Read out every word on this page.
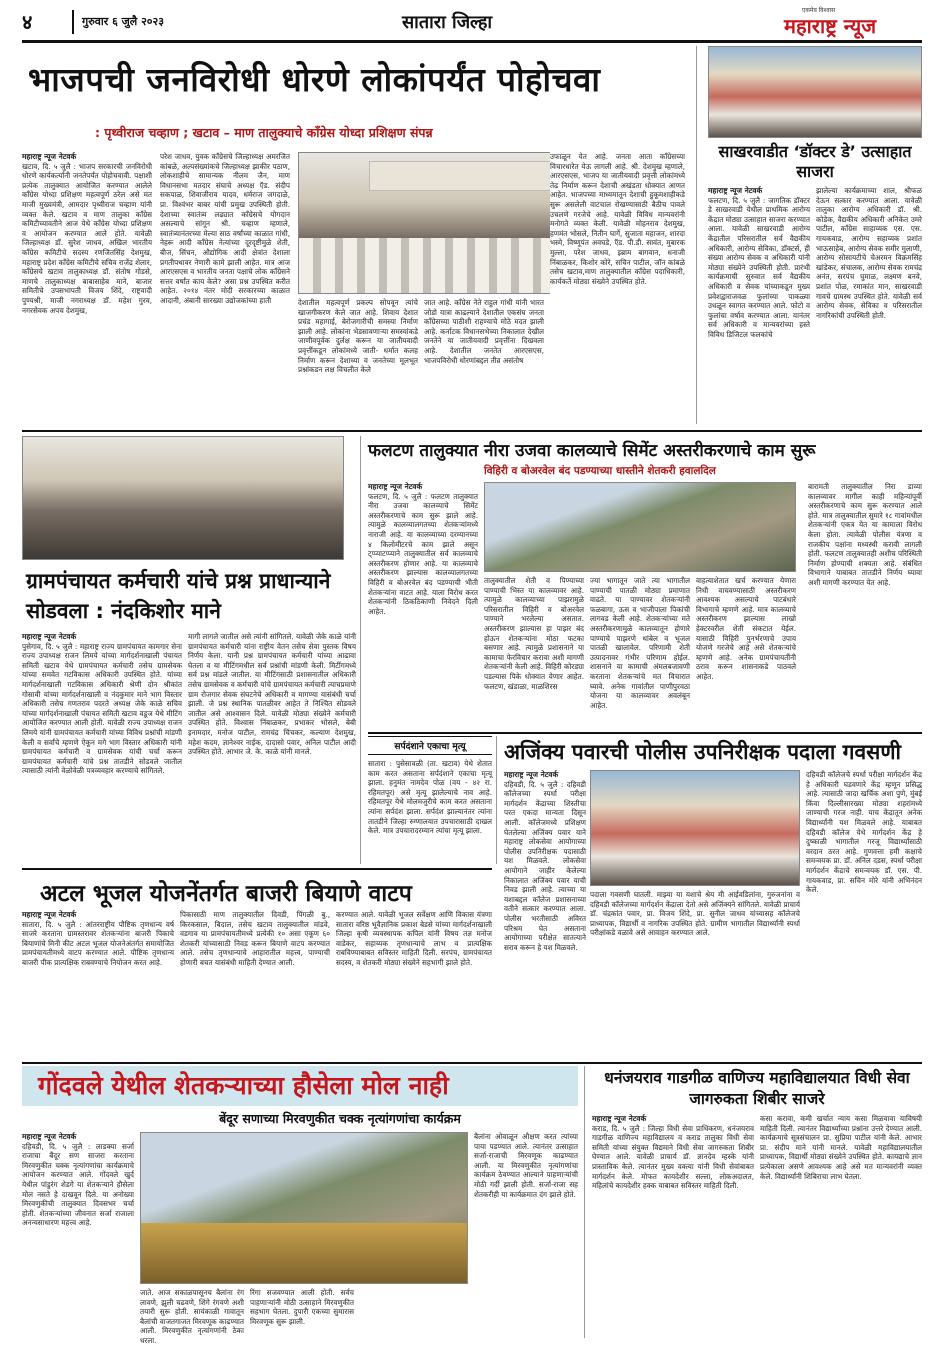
४	गुरुवार ६ जुलै २०२३	सातारा जिल्हा
एकमेव विश्वास
महाराष्ट्र न्यूज
भाजपची जनविरोधी धोरणे लोकांपर्यंत पोहोचवा
: पृथ्वीराज चव्हाण ; खटाव – माण तालुक्याचे कॉंग्रेस योध्दा प्रशिक्षण संपन्न
महाराष्ट्र न्यूज नेटवर्क
खटाव, दि. ५ जुलै : भाजप सरकारची जनविरोधी धोरणे कार्यकर्त्यांनी जनतेपर्यंत पोहोचवावी. पक्षाशी प्रत्येक तालुक्यात आयोजित करण्यात आलेले कॉंग्रेस योध्दा प्रशिक्षण महत्वपूर्ण ठरेल असे मत माजी मुख्यमंत्री, आमदार पृथ्वीराज चव्हाण यांनी व्यक्त केले. खटाव व माण तालुका कॉंग्रेस कमिटीच्यावतीने आज येथे कॉंग्रेस योध्दा प्रशिक्षण व आयोजन करण्यात आले होते. यावेळी जिल्हाध्यक्ष डॉ. सुरेश जाधव, अखिल भारतीय कॉंग्रेस कमिटीचे सदस्य रणजितसिंह देशमुख, महाराष्ट्र प्रदेश कॉंग्रेस कमिटीचे सचिव राजेंद्र शेलार, कॉंग्रेसचे खटाव तालुकाध्यक्ष डॉ. संतोष गोडसे, माणचे तालुकाध्यक्ष बाबासाहेब माने, बाजार समितीचे उपसभापती विजय शिंदे, राष्ट्रवादी पुण्यश्री, माजी नगराध्यक्ष डॉ. महेश गुरव, नगरसेवक अपच देशमुख,
परेश जाधव, युवक कॉंग्रेसचे जिल्हाध्यक्ष अमरजित कांबळे, अल्पसंख्यांकचे जिल्हाध्यक्ष झाकीर पठाण, लोकशाहीचे सामान्यक नीलम जैन, माण विधानसभा मतदार संघाचे अध्यक्ष ऍड. संदीप सकपाळ, शिवाजीराव यादव, धर्मराज जगदाळे, प्रा. विश्वंभर बाबर यांची प्रमुख उपस्थिती होती. देशाच्या स्वातंत्र्य लढ्यात कॉंग्रेसचे योगदान असल्याचे सांगून श्री. चव्हाण म्हणाले, स्वातंत्र्यानंतरच्या मेल्या साठ वर्षांच्या काळात गांधी, नेहरू आदी कॉंग्रेस नेत्यांच्या दूरदृष्टीमुळे शेती, बीज, सिंचन, औद्योगिक आदी क्षेत्रांत देशाला प्रगतीपथावर नेणारी कामे झाली आहेत. मात्र आज आरएसएस व भारतीय जनता पक्षाचे लोक कॉंग्रेसने सत्तर वर्षांत काय केले? असा प्रश्न उपस्थित करीत आहेत. २०१४ नंतर मोदी सरकारच्या काळात आदानी, अंबानी सारख्या उद्योजकांच्या हाती	देशातील महत्वपूर्ण प्रकल्प सोपवून त्यांचे खाजगीकरण केले जात आहे. शिवाय देशात प्रचंड महागाई, बेरोजगारीची समस्या निर्माण झाली आहे. लोकांना भेडसावणाऱ्या समस्यांकडे जाणीवपूर्वक दुर्लक्ष करून या जातीयवादी प्रवृत्तींकडून लोकांमध्ये जाती- धर्मात कलह निर्माण करून देशाच्या व जनतेच्या मूलभूत प्रश्नांकडन लक्ष विचलीत केले
जात आहे. कॉंग्रेस नेते राहुल गांधी यांनी भारत जोडो यात्रा काढल्याने देशातील एकसंघ जनता कॉंग्रेसच्या पाठीशी राहण्याचे मोठे मदत झाली आहे. कर्नाटक विधानसभेच्या निकालात देखील जनतेने या जातीयवादी प्रवृत्तींना दिखवला आहे. देशातील जनतेत आरएसएस, भाजपविरोधी धोरणांबद्दल तीव्र असंतोष
उफाळून येत आहे. जनता आता कॉंग्रेसच्या विचारधारेत येऊ लागली आहे. श्री. देशमुख म्हणाले, आरएसएस, भाजप या जातीयवादी प्रवृत्ती लोकांमध्ये तेढ निर्माण करून देशाची अखंडता धोक्यात आणत आहेत. भाजपच्या माध्यमातून देशाची हुकूमशाहीकडे सुरू असलेली वाटचाल रोखण्यासाठी बैठीच पावले उचलणे गरजेचे आहे. यावेळी विविध मान्यवरांनी मनोगते व्यक्त केली. यावेळी मोहनराव देशमुख, हणमंत भोसले, नितीन घार्गे, सुजाता महाजन, शारदा भस्मे, विष्णूपंत अवघडे, ऍड. पी.डी. सावंत, मुबारक मुल्ला, परेश जाधव, इब्राम बागवान, धनाजी निंबाळकर, किशोर कोरे, सचिन पाटील, जॉन कांबळे तसेच खटाव,माण तालुक्यातील कॉंग्रेस पदाधिकारी, कार्यकर्ते मोठ्या संख्येने उपस्थित होते.
साखरवाडीत ‘डॉक्टर डे’ उत्साहात साजरा
महाराष्ट्र न्यूज नेटवर्क
फलटण, दि. ५ जुलै : जागतिक डॉक्टर डे साखरवाडी येथील प्राथमिक आरोग्य केंद्रात मोठ्या उत्साहात साजरा करण्यात आला. यावेळी साखरवाडी आरोग्य केंद्रातील परिसरातील सर्व वैद्यकीय अधिकारी, आरोग्य सेविका, डॉक्टर्स, ही संख्या आरोग्य सेवक व अधिकारी यांनी मोठ्या संख्येने उपस्थिती होती. प्रारंभी कार्यक्रमाची सुरुवात सर्व वैद्यकीय अधिकारी व सेवक यांच्याकडून मुख्य प्रवेशद्वाराजवळ फुलांच्या पाकळ्या उधळून स्वागत करण्यात आले. फोटो व फुलांचा वर्षाव करण्यात आला. यानंतर सर्व अधिकारी व मान्यवरांच्या हस्ते विविध डिजिटल फलकांचे
झालेल्या कार्यक्रमाच्या शाल, श्रीफळ देऊन सत्कार करण्यात आला. यावेळी तालुका आरोग्य अधिकारी डॉ. श्री. कोडेक, वैद्यकीय अधिकारी अनिकेत उमरे पाटील, कॉंग्रेस साहाय्यक एस. एस. गायकवाड, आरोग्य सहाय्यक प्रशांत भाऊसाहेब, आरोग्य सेवक समीर मुलाणी, आरोग्य सोसायटीचे चेअरमन विक्रमसिंह खांडेकर, संचालक, आरोग्य सेवक रामचंद्र अनंत, सरपंच घुमाळ, लक्ष्मण बनवे, प्रशांत पोळ, रमाकांत मान, साखरवाडी गावचे ग्रामस्थ उपस्थित होते. यावेळी सर्व आरोग्य सेवक, सेविका व परिसरातील नागरिकांची उपस्थिती होती.
ग्रामपंचायत कर्मचारी यांचे प्रश्न प्राधान्याने सोडवला : नंदकिशोर माने
महाराष्ट्र न्यूज नेटवर्क
पुसेगाव, दि. ५ जुलै : महाराष्ट्र राज्य ग्रामपंचायत कामगार सेना राज्य उपाध्यक्ष राजन लिमये यांच्या मार्गदर्शनाखाली पंचायत समिती खटाव येथे ग्रामपंचायत कर्मचारी तसेच ग्रामसेवक यांच्या समवेत गटविकास अधिकारी उपस्थित होते. यांच्या मार्गदर्शनाखाली गटविकास अधिकारी श्रेणी दोन श्रीकांत गोसावी यांच्या मार्गदर्शनाखाली व नंदकुमार माने भाग विस्तार अधिकारी तसेच गणतराव पदरते अध्यक्ष जेके काळे सचिव यांच्या मार्गदर्शनाखाली पंचायत समिती खटाव वडूज येथे मीटिंग आयोजित करण्यात आली होती. यावेळी राज्य उपाध्यक्ष राजन लिमये यांनी ग्रामपंचायत कर्मचारी यांच्या विविध प्रश्नांची मांडणी केली व सर्वांचे म्हणणे ऐकून मगे भाग विस्तार अधिकारी यांनी ग्रामपंचायत कर्मचारी व ग्रामसेवक यांची चर्चा करून ग्रामपंचायत कर्मचारी यांचे प्रश्न तातडीने सोडवले जातील त्यासाठी त्यांनी वेळोवेळी पत्रव्यवहार करण्याचे सांगितले.
मागी लागले जातील असे त्यांनी सांगितले. यावेळी जेके काळे यांनी ग्रामपंचायत कर्मचारी यांना राष्ट्रीय वेतन तसेच सेवा पुस्तक विषय निर्णय केला. यानी प्रश्न ग्रामपंचायत कर्मचारी यांच्या आढावा घेतला व या मीटिंगमधील सर्व प्रश्नांची मांडणी केली. मिटींगमध्ये सर्व प्रश्न मांडले जातील. या मीटिंगसाठी प्रशासनातील अधिकारी तसेच ग्रामसेवक व कर्मचारी यांचे ग्रामपंचायत कर्मचारी त्याचप्रमाणे ग्राम रोजगार सेवक संघटनेचे अधिकारी व मागण्या यासंबंधी चर्चा झाली. जे प्रश्न स्थानिक पातळीवर आहेत ते निश्चित सोडवले जातील असे आश्वासन दिले. यावेळी मोठ्या संख्येने कर्मचारी उपस्थित होते. विश्वास निंबाळकर, प्रभाकर भोसले, बेबी इनामदार, मनोज पाटील, रामचंद्र चिंचकर, कल्याण देशमुख, महेश कदम, ज्ञानेश्वर नाईक, दादासो पवार, अनिल पाटील आदी उपस्थित होते. आभार जे. के. काळे यांनी मानले.
फलटण तालुक्यात नीरा उजवा कालव्याचे सिमेंट अस्तरीकरणाचे काम सुरू
विहिरी व बोअरवेल बंद पडण्याच्या धास्तीने शेतकरी हवालदिल
महाराष्ट्र न्यूज नेटवर्क
फलटण, दि. ५ जुलै : फलटण तालुक्यात नीरा उजवा कालव्याचे सिमेंट अस्तरीकरणाचे काम सुरू झाले आहे. त्यामुळे कालव्यालगतच्या शेतकऱ्यांमध्ये नाराजी आहे. या कालव्याच्या दरम्यानच्या ४ किलोमीटरचे काम झाले असून ट्प्प्याटप्प्याने तालुक्यातील सर्व कालव्याचे अस्तरीकरण होणार आहे. या कालव्याचे अस्तरीकरण झाल्यास कालव्यालगतच्या विहिरी व बोअरवेल बंद पडण्याची भीती शेतकऱ्यांना वाटत आहे. याला विरोध करत शेतकऱ्यांनी ठिकठिकाणी निवेदने दिली आहेत.
तालुक्यातील शेती व पिण्याच्या पाण्याची भिस्त या कालव्यावर आहे. त्यामुळे कालव्याच्या पाझरामुळे परिसरातील विहिरी व बोअरवेल पाण्याने भरलेल्या असतात. अस्तरीकरण झाल्यास हा पाझर बंद होऊन शेतकऱ्यांना मोठा फटका बसणार आहे. त्यामुळे प्रशासनाने या कामाचा फेरविचार करावा अशी मागणी शेतकऱ्यांनी केली आहे. विहिरी कोरड्या पडल्यास पिके धोक्यात येणार आहेत. फलटण, खंडाळा, माळशिरस
ज्या भागातून जाते त्या भागातील पाण्याची पातळी मोठ्या प्रमाणात वाढते. या पाण्यावर शेतकऱ्यांनी फळबागा, ऊस व भाजीपाला पिकांची लागवड केली आहे. शेतकऱ्यांच्या मते अस्तरीकरणामुळे कालव्यातून होणारे पाण्याचे पाझरणे थांबेल व भूजल पातळी खालावेल. परिणामी शेती उत्पादनावर गंभीर परिणाम होईल. शासनाने या कामाची अंमलबजावणी करताना शेतकऱ्यांचे मत विचारात घ्यावे. अनेक गावांतील पाणीपुरवठा योजना या कालव्यावर अवलंबून आहेत.
वाहत्याशेतात खर्च करण्यात येणारा निधी वाचवण्यासाठी अस्तरीकरण आवश्यक असल्याचे पाटबंधारे विभागाचे म्हणणे आहे. मात्र कालव्याचे अस्तरीकरण झाल्यास लाखो हेक्टरवरील शेती संकटात येईल. यासाठी विहिरी पुनर्भरणाचे उपाय योजणे गरजेचे आहे असे शेतकऱ्यांचे म्हणणे आहे. अनेक ग्रामपंचायतींनी ठराव करून शासनाकडे पाठवले आहेत.
बारामती तालुक्यातील निरा डाव्या कालव्यावर मागील काही महिन्यांपूर्वी अस्तरीकरणाचे काम सुरू करण्यात आले होते. मात्र तालुक्यातील सुमारे १८ गावांमधील शेतकऱ्यांनी एकत्र येत या कामाला विरोध केला होता. त्यावेळी पोलीस यंत्रणा व राजकीय पक्षांना मध्यस्थी करावी लागली होती. फलटण तालुक्यातही अशीच परिस्थिती निर्माण होण्याची शक्यता आहे. संबंधित विभागाने याबाबत तातडीने निर्णय घ्यावा अशी मागणी करण्यात येत आहे.
सर्पदंशाने एकाचा मृत्यू
सातारा : पुसेसावळी (ता. खटाव) येथे शेतात काम करत असताना सर्पदंशाने एकाचा मृत्यू झाला. हनुमंत नामदेव पोळ (वय - ४२ रा. रहिमतपूर) असे मृत्यू झालेल्याचे नाव आहे. रहिमतपूर येथे मोलमजुरीचे काम करत असताना त्यांना सर्पदंश झाला. सर्पदंश झाल्यानंतर त्यांना तातडीने जिल्हा रुग्णालयात उपचारासाठी दाखल केले. मात्र उपचारादरम्यान त्यांचा मृत्यू झाला.
अजिंक्य पवारची पोलीस उपनिरीक्षक पदाला गवसणी
महाराष्ट्र न्यूज नेटवर्क
दहिवडी, दि. ५ जुलै : दहिवडी कॉलेजच्या स्पर्धा परीक्षा मार्गदर्शन केंद्राच्या शिस्तीचा परत एकदा मान्यता दिसून आली. कॉलेजमध्ये प्रशिक्षण घेतलेल्या अजिंक्य पवार याने महाराष्ट्र लोकसेवा आयोगाच्या पोलीस उपनिरीक्षक पदासाठी यश मिळवले. लोकसेवा आयोगाने जाहीर केलेल्या निकालात अजिंक्य पवार याची निवड झाली आहे. त्याच्या या यशाबद्दल कॉलेज प्रशासनाच्या वतीने सत्कार करण्यात आला. पोलीस भरतीसाठी अविरत परिश्रम घेत असताना आयोगाच्या परीक्षेत सातत्याने सराव करून हे यश मिळवले.
पदाला गवसणी घातली. माझ्या या यशाचे श्रेय मी आईवडिलांना, गुरुजनांना व दहिवडी कॉलेजच्या मार्गदर्शन केंद्राला देतो असे अजिंक्यने सांगितले. यावेळी प्राचार्य डॉ. चंद्रकांत पवार, प्रा. विजय शिंदे, प्रा. सुनील जाधव यांच्यासह कॉलेजचे प्राध्यापक, विद्यार्थी व नागरिक उपस्थित होते. ग्रामीण भागातील विद्यार्थ्यांनी स्पर्धा परीक्षांकडे वळावे असे आवाहन करण्यात आले.
दहिवडी कॉलेजचे स्पर्धा परीक्षा मार्गदर्शन केंद्र हे अधिकारी घडवणारे केंद्र म्हणून प्रसिद्ध आहे. त्यासाठी जादा खर्चिक अशा पुणे, मुंबई किंवा दिल्लीसारख्या मोठ्या शहरांमध्ये जाण्याची गरज नाही. याच केंद्रातून अनेक विद्यार्थ्यांनी यश मिळवले आहे. याबाबत दहिवडी कॉलेज येथे मार्गदर्शन केंद्र हे दुष्काळी भागातील गरजू विद्यार्थ्यांसाठी वरदान ठरत आहे. गुणवत्ता हमी कक्षाचे समन्वयक प्रा. डॉ. अनिल दडस, स्पर्धा परीक्षा मार्गदर्शन केंद्राचे समन्वयक डॉ. एस. पी. गायकवाड, प्रा. सचिन मोरे यांनी अभिनंदन केले.
अटल भूजल योजनेंतर्गत बाजरी बियाणे वाटप
महाराष्ट्र न्यूज नेटवर्क
सातारा, दि. ५ जुलै : आंतरराष्ट्रीय पौष्टिक तृणधान्य वर्ष साजरे करताना ग्रामस्तरावर शेतकऱ्यांना बाजरी पिकाचे बियाणांचे मिनी कीट अटल भूजल योजनेअंतर्गत समायोजित प्रामपंचायतीमध्ये वाटप करण्यात आले. पौष्टिक तृणधान्य बाजरी पीक प्रात्यक्षिक राबवण्याचे नियोजन करत आहे.
पिकासाठी माण तालुक्यातील दिवडी, पिंगळी बु., किरकसाल, बिदाल, तसेच खटाव तालुक्यातील मांडवे, वडगाव या प्रामपंचायतीमध्ये प्रत्येकी १० असा एकूण ६० शेतकरी यांच्यासाठी निवड करून बियाणे वाटप करण्यात आले. तसेच तृणधान्याचे आहारातील महत्त्व, पाण्याची होणारी बचत यासंबंधी माहिती देण्यात आली.
करण्यात आले. यावेळी भूजल सर्वेक्षण आणि विकास यंत्रणा सातारा वरिष्ठ भूवैज्ञानिक प्रकाश बेडसे यांच्या मार्गदर्शनाखाली जिल्हा कृषी व्यवस्थापक कपिल यांनी विषय तज्ञ मनोज वाडेकर, सहाय्यक तृणधान्याचे लाभ व प्रात्यक्षिक राबविण्याबाबत सविस्तर माहिती दिली. सरपंच, ग्रामपंचायत सदस्य, व शेतकरी मोठ्या संख्येने सहभागी झाले होते.
गोंदवले येथील शेतकऱ्याच्या हौसेला मोल नाही
बेंदूर सणाच्या मिरवणुकीत चक्क नृत्यांगणांचा कार्यक्रम
महाराष्ट्र न्यूज नेटवर्क
दहिवडी, दि. ५ जुलै : लाडक्या सर्जा राजाचा बैंदूर सण साजरा करताना मिरवणुकीत चक्क नृत्यांगणांचा कार्यक्रमाचे आयोजन करण्यात आले. गोंदवले खुर्द येथील पांडुरंग शेडगे या शेतकऱ्याने हौसेला मोल नसते हे दाखवून दिले. या अनोख्या मिरवणुकीची तालुक्यात दिवसभर चर्चा होती. शेतकऱ्यांच्या जीवनात सर्जा राजाला अनन्यसाधारण महत्त्व आहे.
जाते. आज सकाळपासूनच बैलांना रंग लावणे, झुली चढवणे, शिंगे रंगवणे अशी तयारी सुरू होती. सायंकाळी गावातून बैलांची वाजतगाजत मिरवणूक काढण्यात आली. मिरवणुकीत नृत्यांगणांनी ठेका धरला.
रिंगा सजवण्यात आली होती. सर्वच पाहणाऱ्यांनी मोठी उत्साहाने मिरवणुकीत सहभाग घेतला. दुपारी एकच्या सुमारास मिरवणूक सुरू झाली.
बैलांना ओवाळून औक्षण करत त्यांच्या पाया पडण्यात आले. त्यानंतर उत्साहात सर्जा-राजाची मिरवणूक काढण्यात आली. या मिरवणुकीत नृत्यांगणांचा कार्यक्रम ठेवण्यात आल्याने पाहणाऱ्यांची मोठी गर्दी झाली होती. सर्जा-राजा सह शेतकरीही या कार्यक्रमात दंग झाले होते.
धनंजयराव गाडगीळ वाणिज्य महाविद्यालयात विधी सेवा जागरुकता शिबीर साजरे
महाराष्ट्र न्यूज नेटवर्क
कराड, दि. ५ जुलै : जिल्हा विधी सेवा प्राधिकरण, धनंजयराव गाडगीळ वाणिज्य महाविद्यालय व कराड तालुका विधी सेवा समिती यांच्या संयुक्त विद्यमाने विधी सेवा जागरुकता शिबीर घेण्यात आले. यावेळी प्राचार्य डॉ. ज्ञानदेव म्हस्के यांनी प्रास्ताविक केले. त्यानंतर मुख्य वक्त्या यांनी विधी सेवांबाबत मार्गदर्शन केले. मोफत कायदेशीर सल्ला, लोकअदालत, महिलांचे कायदेशीर हक्क याबाबत सविस्तर माहिती दिली.
कसा करावा, कमी खर्चात न्याय कसा मिळवावा याविषयी माहिती दिली. त्यानंतर विद्यार्थ्यांच्या प्रश्नांना उत्तरे देण्यात आली. कार्यक्रमाचे सूत्रसंचालन प्रा. सुप्रिया पाटील यांनी केले. आभार प्रा. संदीप माने यांनी मानले. यावेळी महाविद्यालयातील प्राध्यापक, विद्यार्थी मोठ्या संख्येने उपस्थित होते. कायद्याचे ज्ञान प्रत्येकाला असणे आवश्यक आहे असे मत मान्यवरांनी व्यक्त केले. विद्यार्थ्यांनी शिबिराचा लाभ घेतला.
